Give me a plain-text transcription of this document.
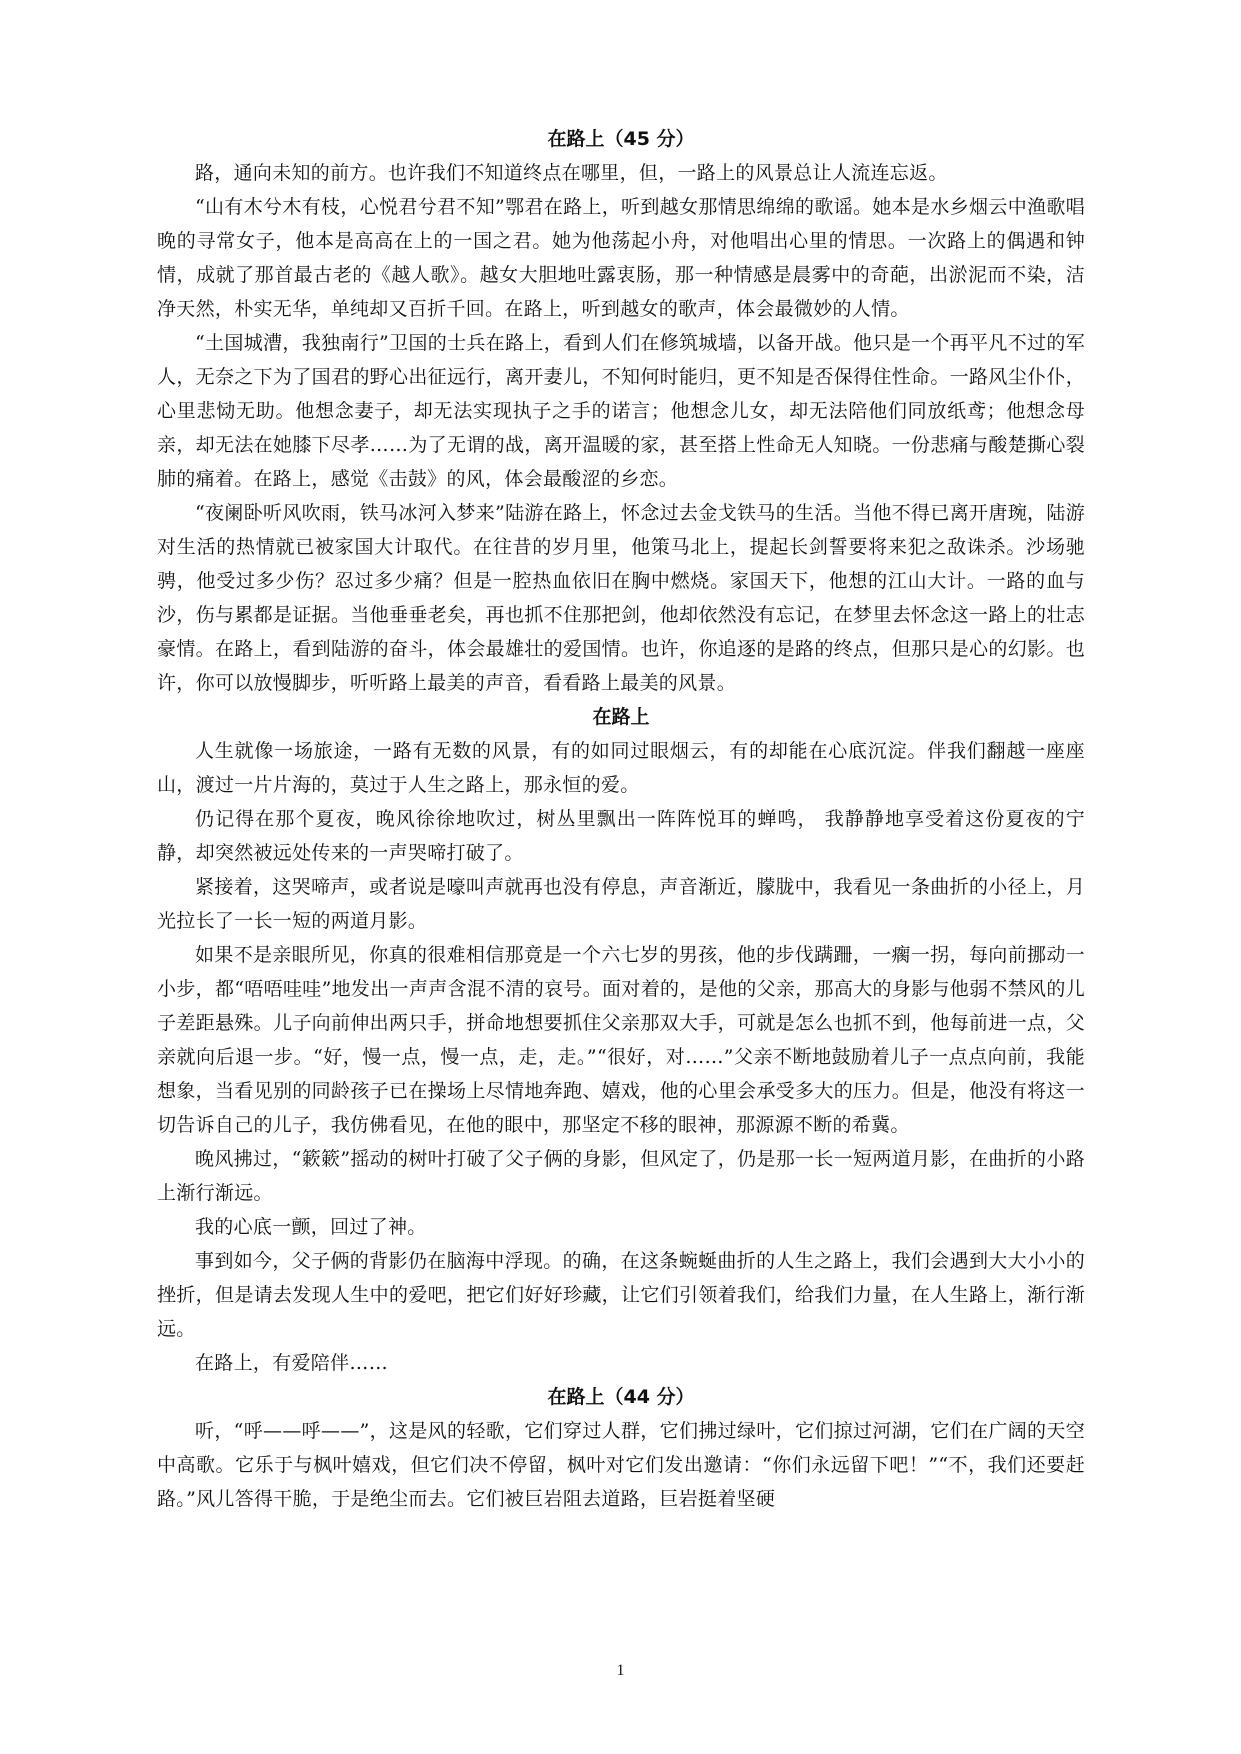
在路上（45 分）

路，通向未知的前方。也许我们不知道终点在哪里，但，一路上的风景总让人流连忘返。

“山有木兮木有枝，心悦君兮君不知”鄂君在路上，听到越女那情思绵绵的歌谣。她本是水乡烟云中渔歌唱晚的寻常女子，他本是高高在上的一国之君。她为他荡起小舟，对他唱出心里的情思。一次路上的偶遇和钟情，成就了那首最古老的《越人歌》。越女大胆地吐露衷肠，那一种情感是晨雾中的奇葩，出淤泥而不染，洁净天然，朴实无华，单纯却又百折千回。在路上，听到越女的歌声，体会最微妙的人情。

“土国城漕，我独南行”卫国的士兵在路上，看到人们在修筑城墙，以备开战。他只是一个再平凡不过的军人，无奈之下为了国君的野心出征远行，离开妻儿，不知何时能归，更不知是否保得住性命。一路风尘仆仆，心里悲恸无助。他想念妻子，却无法实现执子之手的诺言；他想念儿女，却无法陪他们同放纸鸢；他想念母亲，却无法在她膝下尽孝……为了无谓的战，离开温暖的家，甚至搭上性命无人知晓。一份悲痛与酸楚撕心裂肺的痛着。在路上，感觉《击鼓》的风，体会最酸涩的乡恋。

“夜阑卧听风吹雨，铁马冰河入梦来”陆游在路上，怀念过去金戈铁马的生活。当他不得已离开唐琬，陆游对生活的热情就已被家国大计取代。在往昔的岁月里，他策马北上，提起长剑誓要将来犯之敌诛杀。沙场驰骋，他受过多少伤？忍过多少痛？但是一腔热血依旧在胸中燃烧。家国天下，他想的江山大计。一路的血与沙，伤与累都是证据。当他垂垂老矣，再也抓不住那把剑，他却依然没有忘记，在梦里去怀念这一路上的壮志豪情。在路上，看到陆游的奋斗，体会最雄壮的爱国情。也许，你追逐的是路的终点，但那只是心的幻影。也许，你可以放慢脚步，听听路上最美的声音，看看路上最美的风景。

在路上

人生就像一场旅途，一路有无数的风景，有的如同过眼烟云，有的却能在心底沉淀。伴我们翻越一座座山，渡过一片片海的，莫过于人生之路上，那永恒的爱。

仍记得在那个夏夜，晚风徐徐地吹过，树丛里飘出一阵阵悦耳的蝉鸣， 我静静地享受着这份夏夜的宁静，却突然被远处传来的一声哭啼打破了。

紧接着，这哭啼声，或者说是嚎叫声就再也没有停息，声音渐近，朦胧中，我看见一条曲折的小径上，月光拉长了一长一短的两道月影。

如果不是亲眼所见，你真的很难相信那竟是一个六七岁的男孩，他的步伐蹒跚，一瘸一拐，每向前挪动一小步，都“唔唔哇哇”地发出一声声含混不清的哀号。面对着的，是他的父亲，那高大的身影与他弱不禁风的儿子差距悬殊。儿子向前伸出两只手，拼命地想要抓住父亲那双大手，可就是怎么也抓不到，他每前进一点，父亲就向后退一步。“好，慢一点，慢一点，走，走。”“很好，对……”父亲不断地鼓励着儿子一点点向前，我能想象，当看见别的同龄孩子已在操场上尽情地奔跑、嬉戏，他的心里会承受多大的压力。但是，他没有将这一切告诉自己的儿子，我仿佛看见，在他的眼中，那坚定不移的眼神，那源源不断的希冀。

晚风拂过，“簌簌”摇动的树叶打破了父子俩的身影，但风定了，仍是那一长一短两道月影，在曲折的小路上渐行渐远。

我的心底一颤，回过了神。

事到如今，父子俩的背影仍在脑海中浮现。的确，在这条蜿蜒曲折的人生之路上，我们会遇到大大小小的挫折，但是请去发现人生中的爱吧，把它们好好珍藏，让它们引领着我们，给我们力量，在人生路上，渐行渐远。

在路上，有爱陪伴……

在路上（44 分）

听，“呼——呼——”，这是风的轻歌，它们穿过人群，它们拂过绿叶，它们掠过河湖，它们在广阔的天空中高歌。它乐于与枫叶嬉戏，但它们决不停留，枫叶对它们发出邀请：“你们永远留下吧！”“不，我们还要赶路。”风儿答得干脆，于是绝尘而去。它们被巨岩阻去道路，巨岩挺着坚硬

1
